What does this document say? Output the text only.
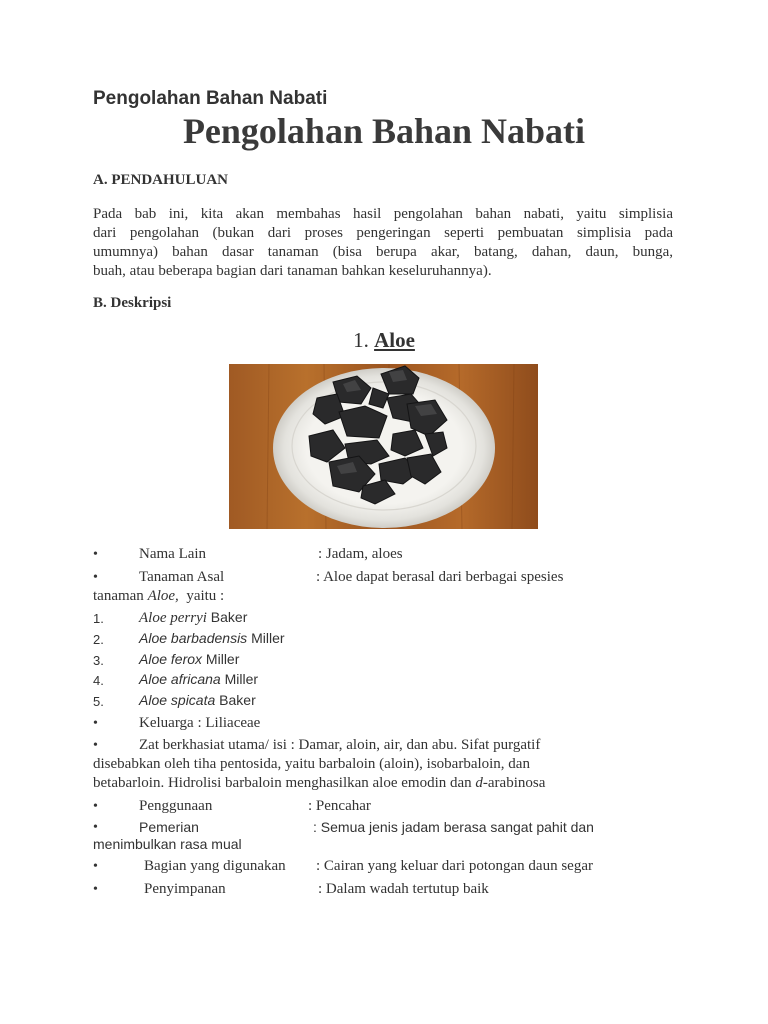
Pengolahan Bahan Nabati
Pengolahan Bahan Nabati
A. PENDAHULUAN
Pada bab ini, kita akan membahas hasil pengolahan bahan nabati, yaitu simplisia
dari pengolahan (bukan dari proses pengeringan seperti pembuatan simplisia pada
umumnya) bahan dasar tanaman (bisa berupa akar, batang, dahan, daun, bunga,
buah, atau beberapa bagian dari tanaman bahkan keseluruhannya).
B. Deskripsi
1. Aloe
•	Nama Lain	: Jadam, aloes
•	Tanaman Asal	: Aloe dapat berasal dari berbagai spesies
tanaman Aloe,  yaitu :
1. Aloe perryi Baker
2.	Aloe barbadensis Miller
3.	Aloe ferox Miller
4.	Aloe africana Miller
5.	Aloe spicata Baker
•	Keluarga : Liliaceae
•	Zat berkhasiat utama/ isi : Damar, aloin, air, dan abu. Sifat purgatif
disebabkan oleh tiha pentosida, yaitu barbaloin (aloin), isobarbaloin, dan
betabarloin. Hidrolisi barbaloin menghasilkan aloe emodin dan d-arabinosa
•	Penggunaan	: Pencahar
•	Pemerian	: Semua jenis jadam berasa sangat pahit dan
menimbulkan rasa mual
•	Bagian yang digunakan : Cairan yang keluar dari potongan daun segar
•	Penyimpanan	: Dalam wadah tertutup baik
